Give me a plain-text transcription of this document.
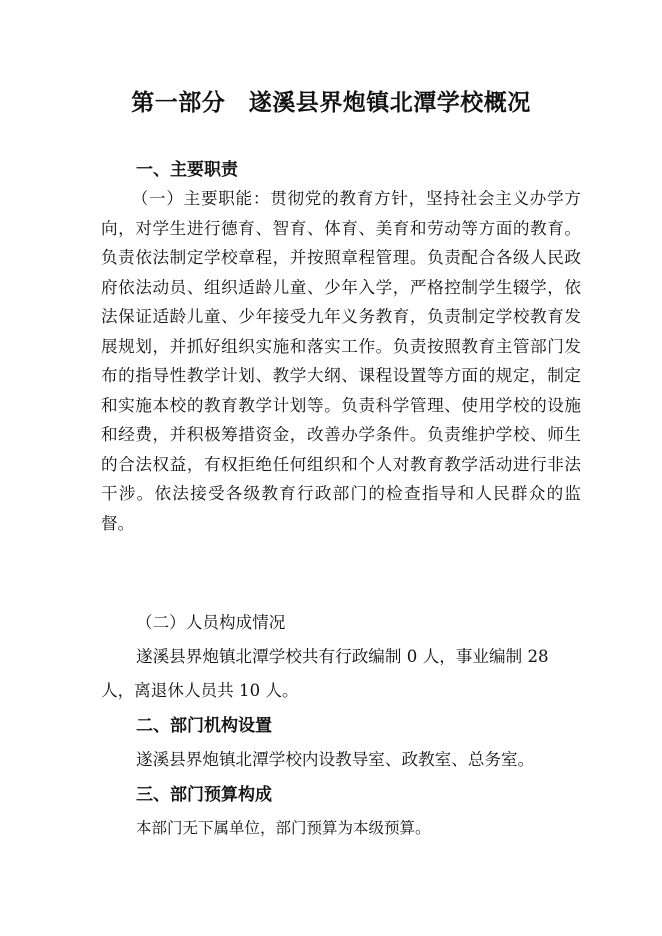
第一部分　遂溪县界炮镇北潭学校概况
一、主要职责
（一）主要职能：贯彻党的教育方针，坚持社会主义办学方向，对学生进行德育、智育、体育、美育和劳动等方面的教育。负责依法制定学校章程，并按照章程管理。负责配合各级人民政府依法动员、组织适龄儿童、少年入学，严格控制学生辍学，依法保证适龄儿童、少年接受九年义务教育，负责制定学校教育发展规划，并抓好组织实施和落实工作。负责按照教育主管部门发布的指导性教学计划、教学大纲、课程设置等方面的规定，制定和实施本校的教育教学计划等。负责科学管理、使用学校的设施和经费，并积极筹措资金，改善办学条件。负责维护学校、师生的合法权益，有权拒绝任何组织和个人对教育教学活动进行非法干涉。依法接受各级教育行政部门的检查指导和人民群众的监督。
（二）人员构成情况
遂溪县界炮镇北潭学校共有行政编制 0 人，事业编制 28
人，离退休人员共 10 人。
二、部门机构设置
遂溪县界炮镇北潭学校内设教导室、政教室、总务室。
三、部门预算构成
本部门无下属单位，部门预算为本级预算。
